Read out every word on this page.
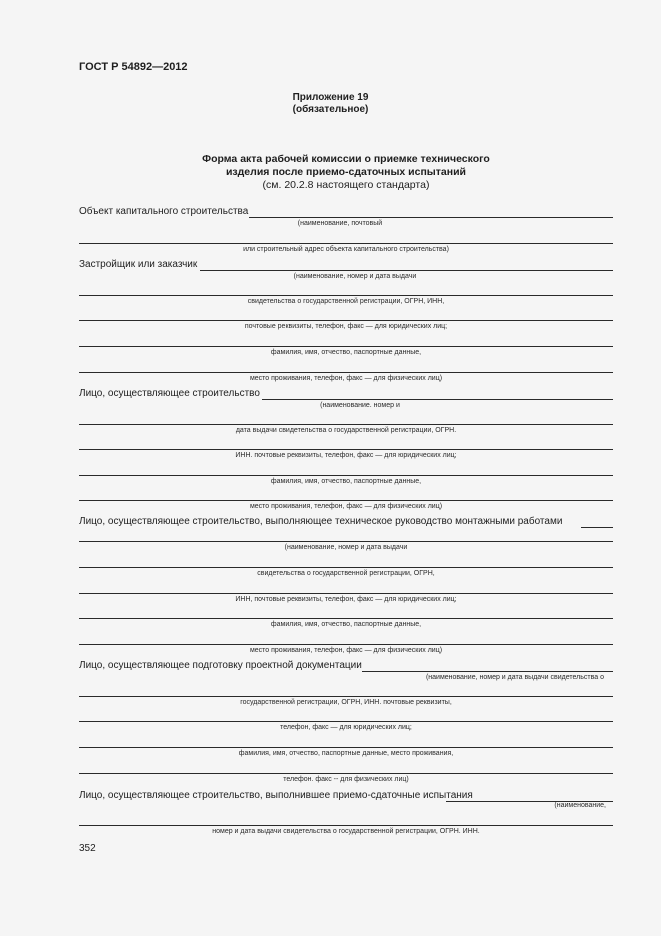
ГОСТ Р 54892—2012
Приложение 19
(обязательное)
Форма акта рабочей комиссии о приемке технического
изделия после приемо-сдаточных испытаний
(см. 20.2.8 настоящего стандарта)
Объект капитального строительства
(наименование, почтовый
или строительный адрес объекта капитального строительства)
Застройщик или заказчик
(наименование, номер и дата выдачи
свидетельства о государственной регистрации, ОГРН, ИНН,
почтовые реквизиты, телефон, факс — для юридических лиц;
фамилия, имя, отчество, паспортные данные,
место проживания, телефон, факс — для физических лиц)
Лицо, осуществляющее строительство
(наименование. номер и
дата выдачи свидетельства о государственной регистрации, ОГРН.
ИНН. почтовые реквизиты, телефон, факс — для юридических лиц;
фамилия, имя, отчество, паспортные данные,
место проживания, телефон, факс — для физических лиц)
Лицо, осуществляющее строительство, выполняющее техническое руководство монтажными работами
(наименование, номер и дата выдачи
свидетельства о государственной регистрации, ОГРН,
ИНН, почтовые реквизиты, телефон, факс — для юридических лиц;
фамилия, имя, отчество, паспортные данные,
место проживания, телефон, факс — для физических лиц)
Лицо, осуществляющее подготовку проектной документации
(наименование, номер и дата выдачи свидетельства о
государственной регистрации, ОГРН, ИНН. почтовые реквизиты,
телефон, факс — для юридических лиц;
фамилия, имя, отчество, паспортные данные, место проживания,
телефон. факс -- для физических лиц)
Лицо, осуществляющее строительство, выполнившее приемо-сдаточные испытания
(наименование,
номер и дата выдачи свидетельства о государственной регистрации, ОГРН. ИНН.
352
